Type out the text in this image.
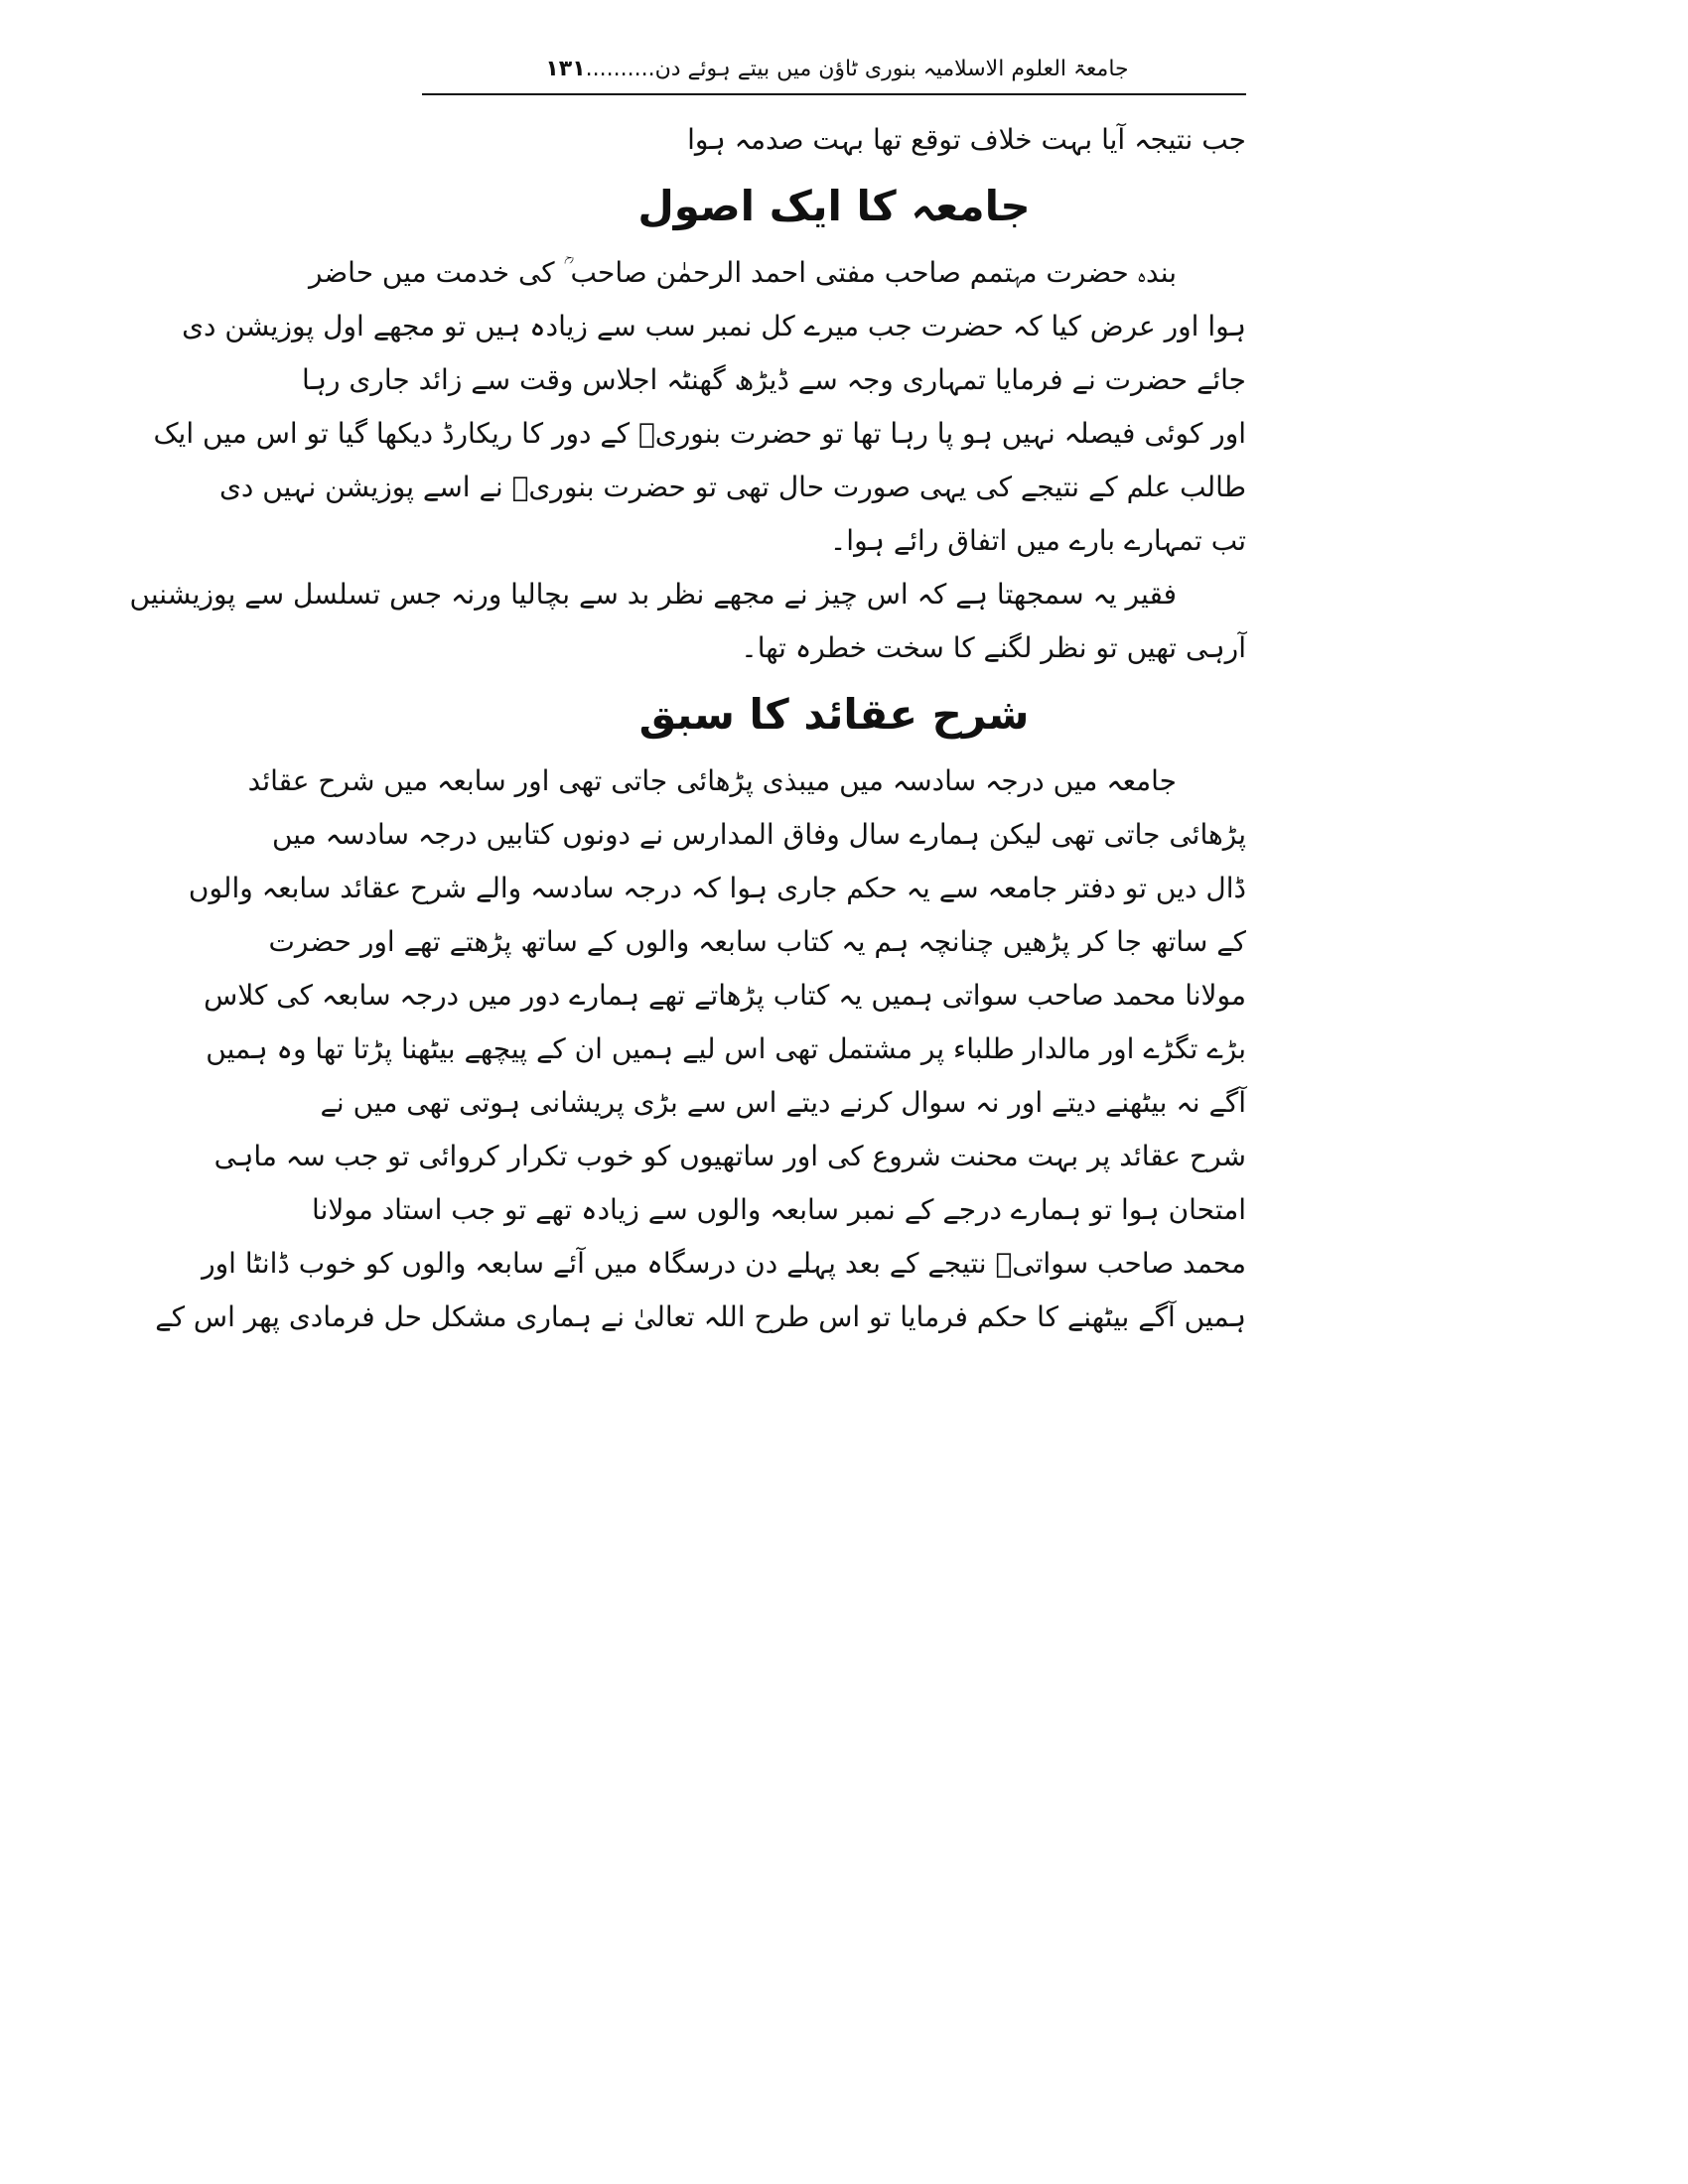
جامعۃ العلوم الاسلامیہ بنوری ٹاؤن میں بیتے ہوئے دن..........۱۳۱
جب نتیجہ آیا بہت خلاف توقع تھا بہت صدمہ ہوا
جامعہ کا ایک اصول
بندہ حضرت مہتمم صاحب مفتی احمد الرحمٰن صاحب ؒ کی خدمت میں حاضر
ہوا اور عرض کیا کہ حضرت جب میرے کل نمبر سب سے زیادہ ہیں تو مجھے اول پوزیشن دی
جائے حضرت نے فرمایا تمہاری وجہ سے ڈیڑھ گھنٹہ اجلاس وقت سے زائد جاری رہا
اور کوئی فیصلہ نہیں ہو پا رہا تھا تو حضرت بنوریؒ کے دور کا ریکارڈ دیکھا گیا تو اس میں ایک
طالب علم کے نتیجے کی یہی صورت حال تھی تو حضرت بنوریؒ نے اسے پوزیشن نہیں دی
تب تمہارے بارے میں اتفاق رائے ہوا۔
فقیر یہ سمجھتا ہے کہ اس چیز نے مجھے نظر بد سے بچالیا ورنہ جس تسلسل سے پوزیشنیں
آرہی تھیں تو نظر لگنے کا سخت خطرہ تھا۔
شرح عقائد کا سبق
جامعہ میں درجہ سادسہ میں میبذی پڑھائی جاتی تھی اور سابعہ میں شرح عقائد
پڑھائی جاتی تھی لیکن ہمارے سال وفاق المدارس نے دونوں کتابیں درجہ سادسہ میں
ڈال دیں تو دفتر جامعہ سے یہ حکم جاری ہوا کہ درجہ سادسہ والے شرح عقائد سابعہ والوں
کے ساتھ جا کر پڑھیں چنانچہ ہم یہ کتاب سابعہ والوں کے ساتھ پڑھتے تھے اور حضرت
مولانا محمد صاحب سواتی ہمیں یہ کتاب پڑھاتے تھے ہمارے دور میں درجہ سابعہ کی کلاس
بڑے تگڑے اور مالدار طلباء پر مشتمل تھی اس لیے ہمیں ان کے پیچھے بیٹھنا پڑتا تھا وہ ہمیں
آگے نہ بیٹھنے دیتے اور نہ سوال کرنے دیتے اس سے بڑی پریشانی ہوتی تھی میں نے
شرح عقائد پر بہت محنت شروع کی اور ساتھیوں کو خوب تکرار کروائی تو جب سہ ماہی
امتحان ہوا تو ہمارے درجے کے نمبر سابعہ والوں سے زیادہ تھے تو جب استاد مولانا
محمد صاحب سواتیؒ نتیجے کے بعد پہلے دن درسگاہ میں آئے سابعہ والوں کو خوب ڈانٹا اور
ہمیں آگے بیٹھنے کا حکم فرمایا تو اس طرح اللہ تعالیٰ نے ہماری مشکل حل فرمادی پھر اس کے
